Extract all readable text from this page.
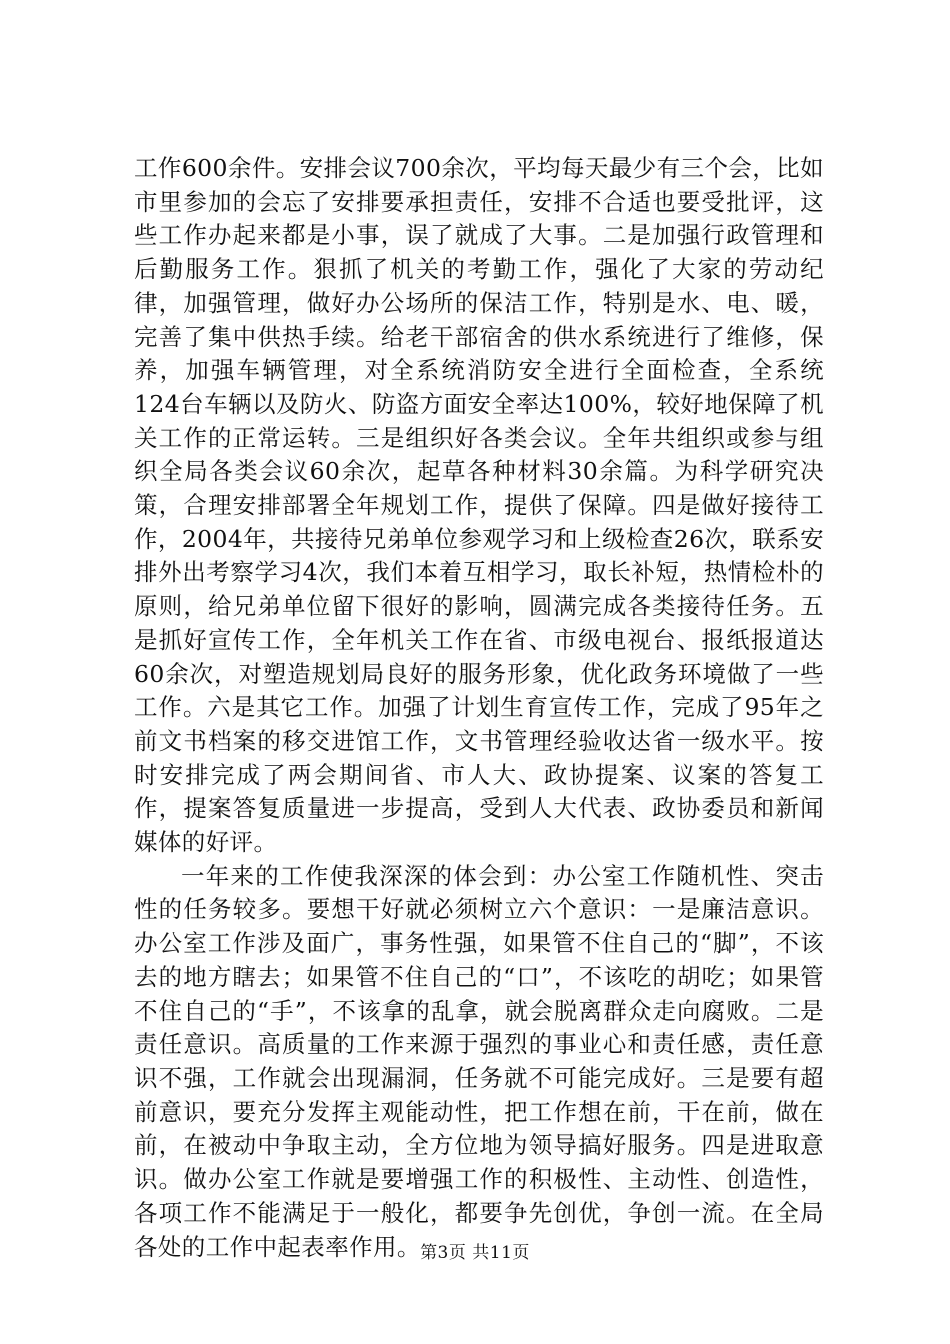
工作600余件。安排会议700余次，平均每天最少有三个会，比如市里参加的会忘了安排要承担责任，安排不合适也要受批评，这些工作办起来都是小事，误了就成了大事。二是加强行政管理和后勤服务工作。狠抓了机关的考勤工作，强化了大家的劳动纪律，加强管理，做好办公场所的保洁工作，特别是水、电、暖，完善了集中供热手续。给老干部宿舍的供水系统进行了维修，保养，加强车辆管理，对全系统消防安全进行全面检查，全系统124台车辆以及防火、防盗方面安全率达100%，较好地保障了机关工作的正常运转。三是组织好各类会议。全年共组织或参与组织全局各类会议60余次，起草各种材料30余篇。为科学研究决策，合理安排部署全年规划工作，提供了保障。四是做好接待工作，2004年，共接待兄弟单位参观学习和上级检查26次，联系安排外出考察学习4次，我们本着互相学习，取长补短，热情检朴的原则，给兄弟单位留下很好的影响，圆满完成各类接待任务。五是抓好宣传工作，全年机关工作在省、市级电视台、报纸报道达60余次，对塑造规划局良好的服务形象，优化政务环境做了一些工作。六是其它工作。加强了计划生育宣传工作，完成了95年之前文书档案的移交进馆工作，文书管理经验收达省一级水平。按时安排完成了两会期间省、市人大、政协提案、议案的答复工作，提案答复质量进一步提高，受到人大代表、政协委员和新闻媒体的好评。

一年来的工作使我深深的体会到：办公室工作随机性、突击性的任务较多。要想干好就必须树立六个意识：一是廉洁意识。办公室工作涉及面广，事务性强，如果管不住自己的“脚”，不该去的地方瞎去；如果管不住自己的“口”，不该吃的胡吃；如果管不住自己的“手”，不该拿的乱拿，就会脱离群众走向腐败。二是责任意识。高质量的工作来源于强烈的事业心和责任感，责任意识不强，工作就会出现漏洞，任务就不可能完成好。三是要有超前意识，要充分发挥主观能动性，把工作想在前，干在前，做在前，在被动中争取主动，全方位地为领导搞好服务。四是进取意识。做办公室工作就是要增强工作的积极性、主动性、创造性，各项工作不能满足于一般化，都要争先创优，争创一流。在全局各处的工作中起表率作用。 第3页 共11页
